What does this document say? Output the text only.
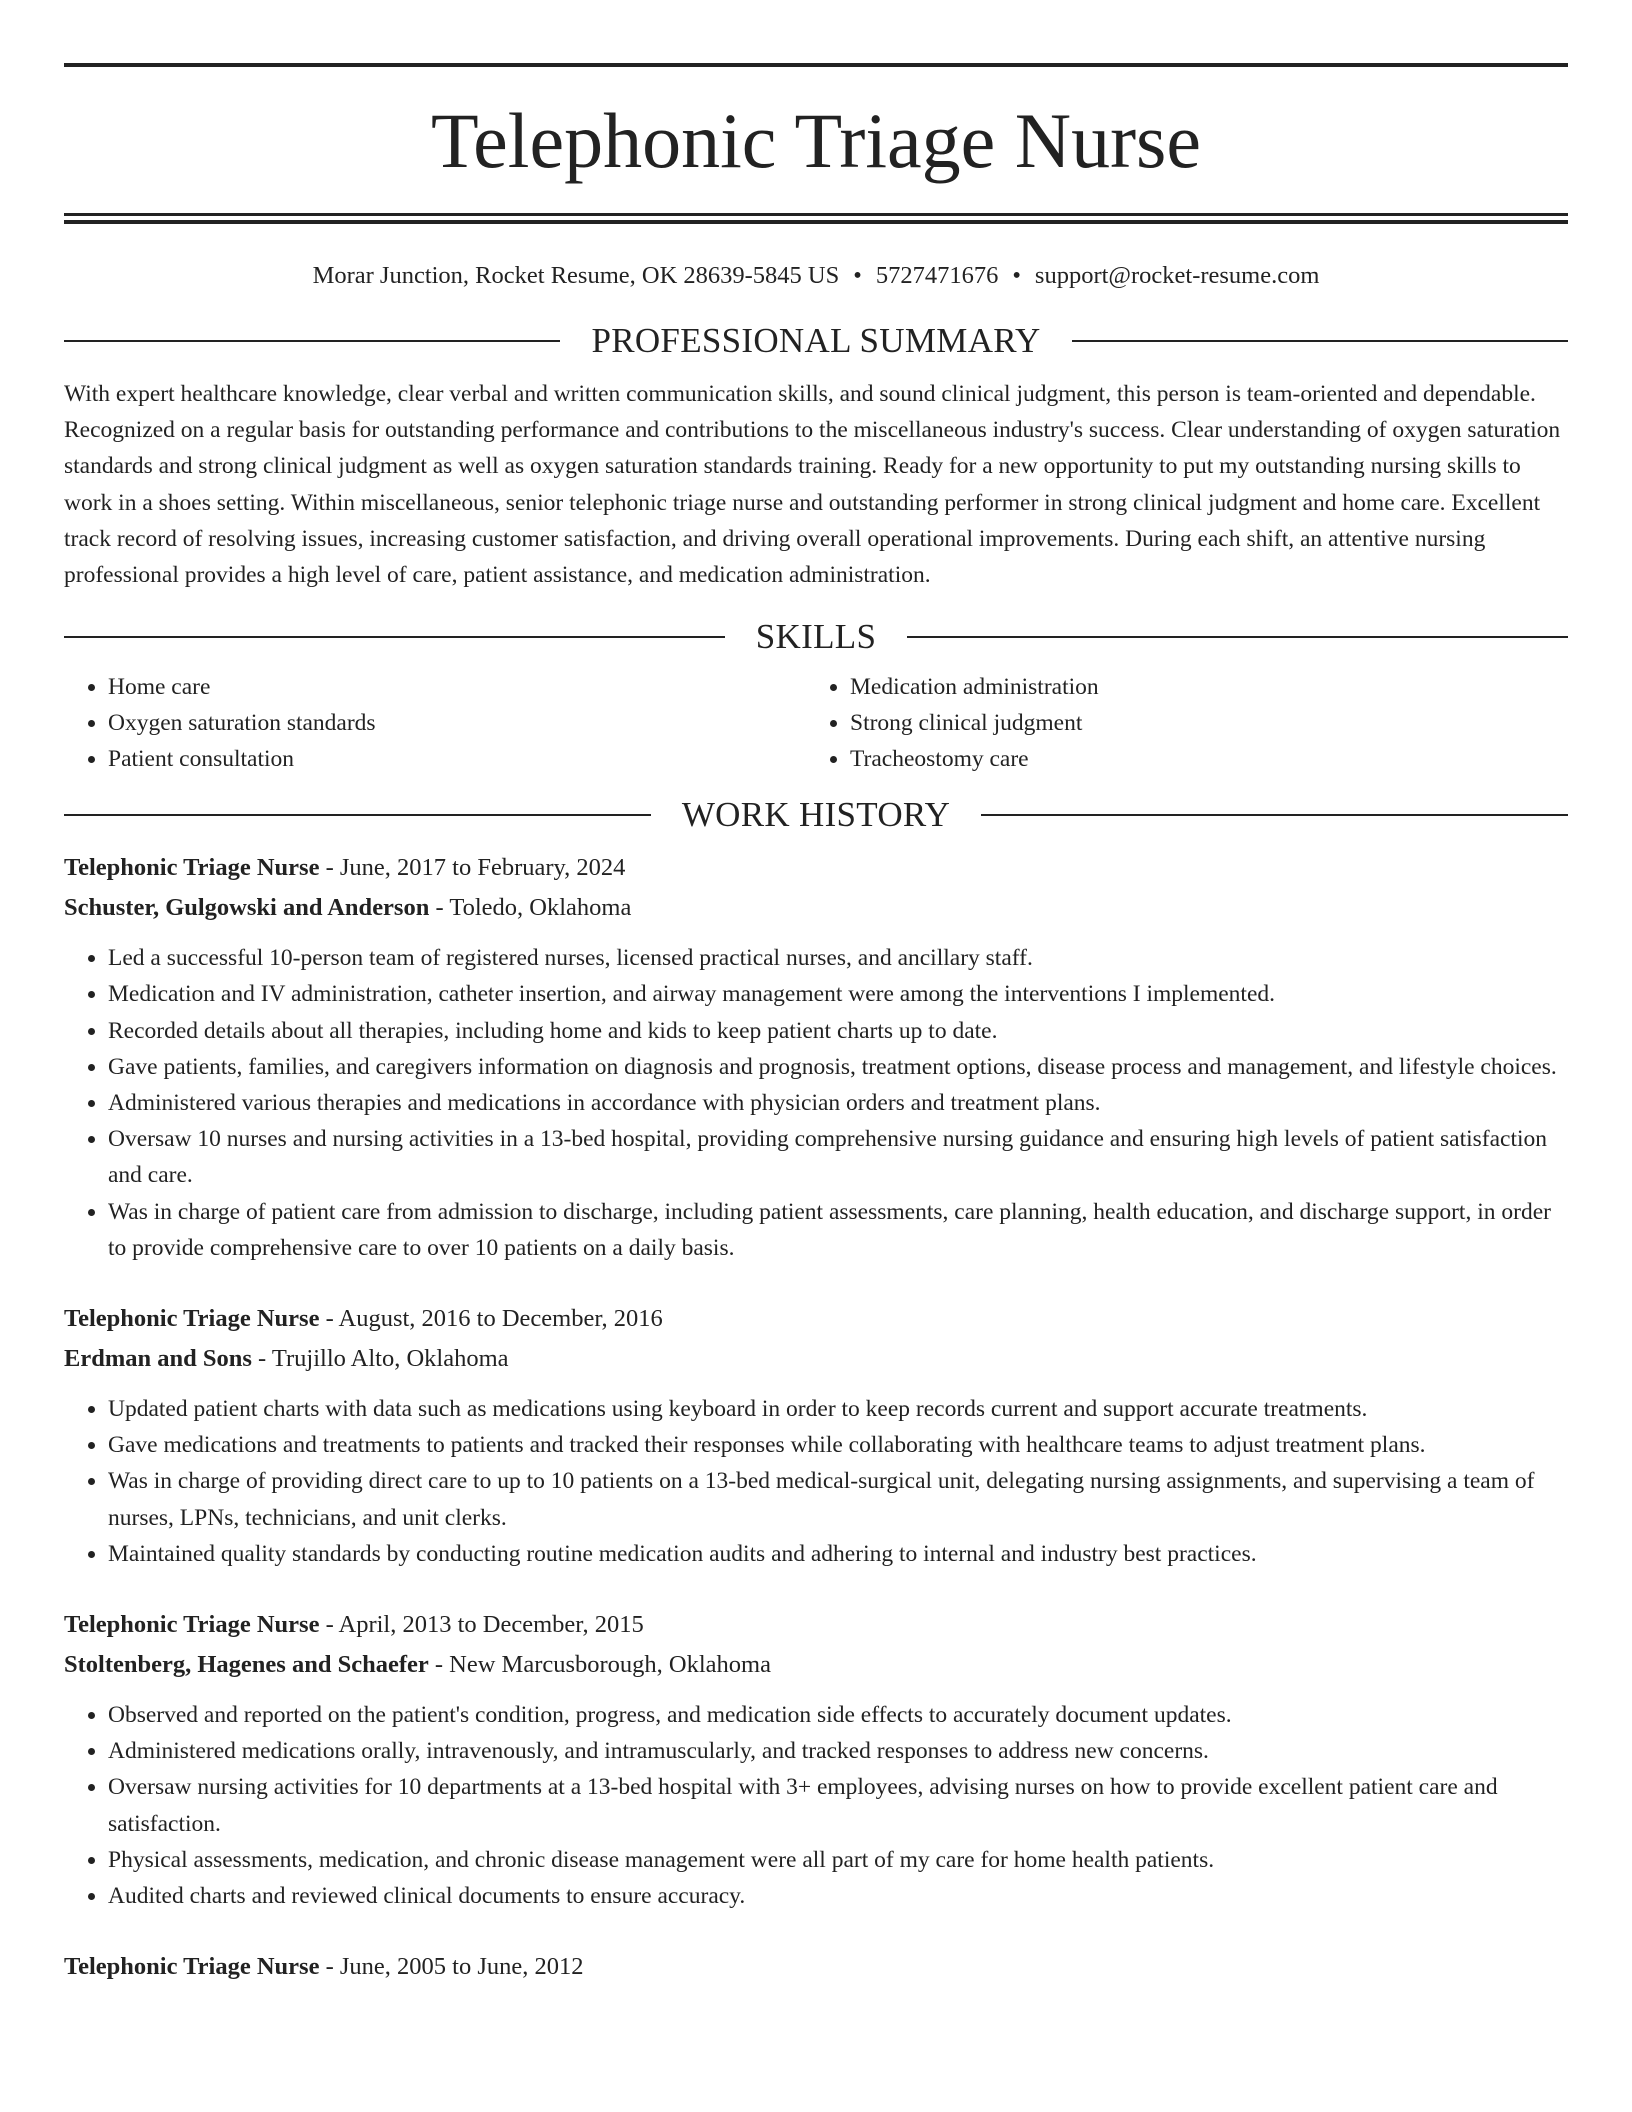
Telephonic Triage Nurse
Morar Junction, Rocket Resume, OK 28639-5845 US • 5727471676 • support@rocket-resume.com
PROFESSIONAL SUMMARY

With expert healthcare knowledge, clear verbal and written communication skills, and sound clinical judgment, this person is team-oriented and dependable. Recognized on a regular basis for outstanding performance and contributions to the miscellaneous industry's success. Clear understanding of oxygen saturation standards and strong clinical judgment as well as oxygen saturation standards training. Ready for a new opportunity to put my outstanding nursing skills to work in a shoes setting. Within miscellaneous, senior telephonic triage nurse and outstanding performer in strong clinical judgment and home care. Excellent track record of resolving issues, increasing customer satisfaction, and driving overall operational improvements. During each shift, an attentive nursing professional provides a high level of care, patient assistance, and medication administration.

SKILLS
• Home care
• Oxygen saturation standards
• Patient consultation
• Medication administration
• Strong clinical judgment
• Tracheostomy care
WORK HISTORY
Telephonic Triage Nurse - June, 2017 to February, 2024
Schuster, Gulgowski and Anderson - Toledo, Oklahoma
• Led a successful 10-person team of registered nurses, licensed practical nurses, and ancillary staff.
• Medication and IV administration, catheter insertion, and airway management were among the interventions I implemented.
• Recorded details about all therapies, including home and kids to keep patient charts up to date.
• Gave patients, families, and caregivers information on diagnosis and prognosis, treatment options, disease process and management, and lifestyle choices.
• Administered various therapies and medications in accordance with physician orders and treatment plans.
• Oversaw 10 nurses and nursing activities in a 13-bed hospital, providing comprehensive nursing guidance and ensuring high levels of patient satisfaction and care.
• Was in charge of patient care from admission to discharge, including patient assessments, care planning, health education, and discharge support, in order to provide comprehensive care to over 10 patients on a daily basis.
Telephonic Triage Nurse - August, 2016 to December, 2016
Erdman and Sons - Trujillo Alto, Oklahoma
• Updated patient charts with data such as medications using keyboard in order to keep records current and support accurate treatments.
• Gave medications and treatments to patients and tracked their responses while collaborating with healthcare teams to adjust treatment plans.
• Was in charge of providing direct care to up to 10 patients on a 13-bed medical-surgical unit, delegating nursing assignments, and supervising a team of nurses, LPNs, technicians, and unit clerks.
• Maintained quality standards by conducting routine medication audits and adhering to internal and industry best practices.
Telephonic Triage Nurse - April, 2013 to December, 2015
Stoltenberg, Hagenes and Schaefer - New Marcusborough, Oklahoma
• Observed and reported on the patient's condition, progress, and medication side effects to accurately document updates.
• Administered medications orally, intravenously, and intramuscularly, and tracked responses to address new concerns.
• Oversaw nursing activities for 10 departments at a 13-bed hospital with 3+ employees, advising nurses on how to provide excellent patient care and satisfaction.
• Physical assessments, medication, and chronic disease management were all part of my care for home health patients.
• Audited charts and reviewed clinical documents to ensure accuracy.
Telephonic Triage Nurse - June, 2005 to June, 2012
